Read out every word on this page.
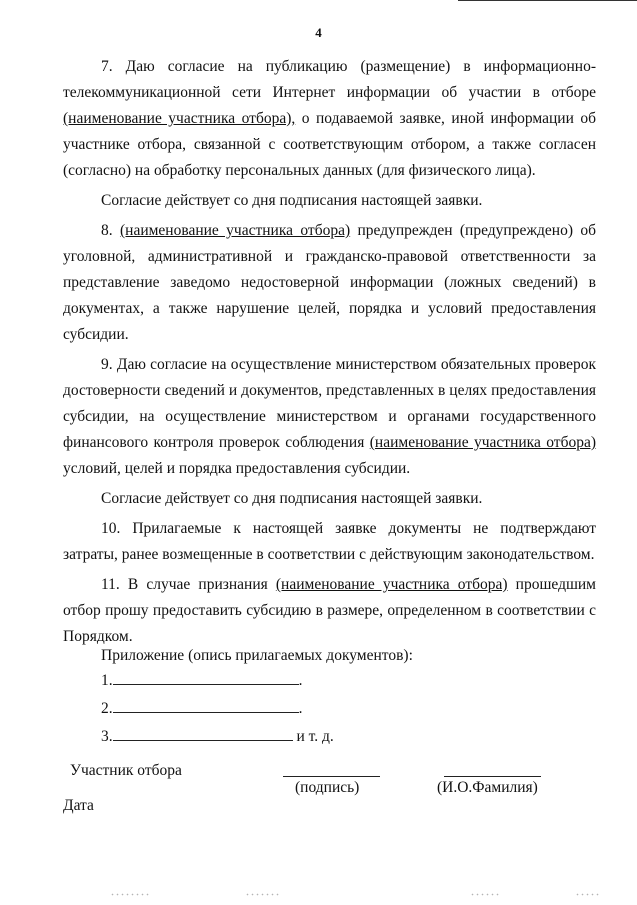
4

7. Даю согласие на публикацию (размещение) в информационно-телекоммуникационной сети Интернет информации об участии в отборе (наименование участника отбора), о подаваемой заявке, иной информации об участнике отбора, связанной с соответствующим отбором, а также согласен (согласно) на обработку персональных данных (для физического лица).

Согласие действует со дня подписания настоящей заявки.

8. (наименование участника отбора) предупрежден (предупреждено) об уголовной, административной и гражданско-правовой ответственности за представление заведомо недостоверной информации (ложных сведений) в документах, а также нарушение целей, порядка и условий предоставления субсидии.

9. Даю согласие на осуществление министерством обязательных проверок достоверности сведений и документов, представленных в целях предоставления субсидии, на осуществление министерством и органами государственного финансового контроля проверок соблюдения (наименование участника отбора) условий, целей и порядка предоставления субсидии.

Согласие действует со дня подписания настоящей заявки.

10. Прилагаемые к настоящей заявке документы не подтверждают затраты, ранее возмещенные в соответствии с действующим законодательством.

11. В случае признания (наименование участника отбора) прошедшим отбор прошу предоставить субсидию в размере, определенном в соответствии с Порядком.

Приложение (опись прилагаемых документов):

1.	.
2.	.
3.	и т. д.
Участник отбора
(подпись)	(И.О.Фамилия)
Дата
